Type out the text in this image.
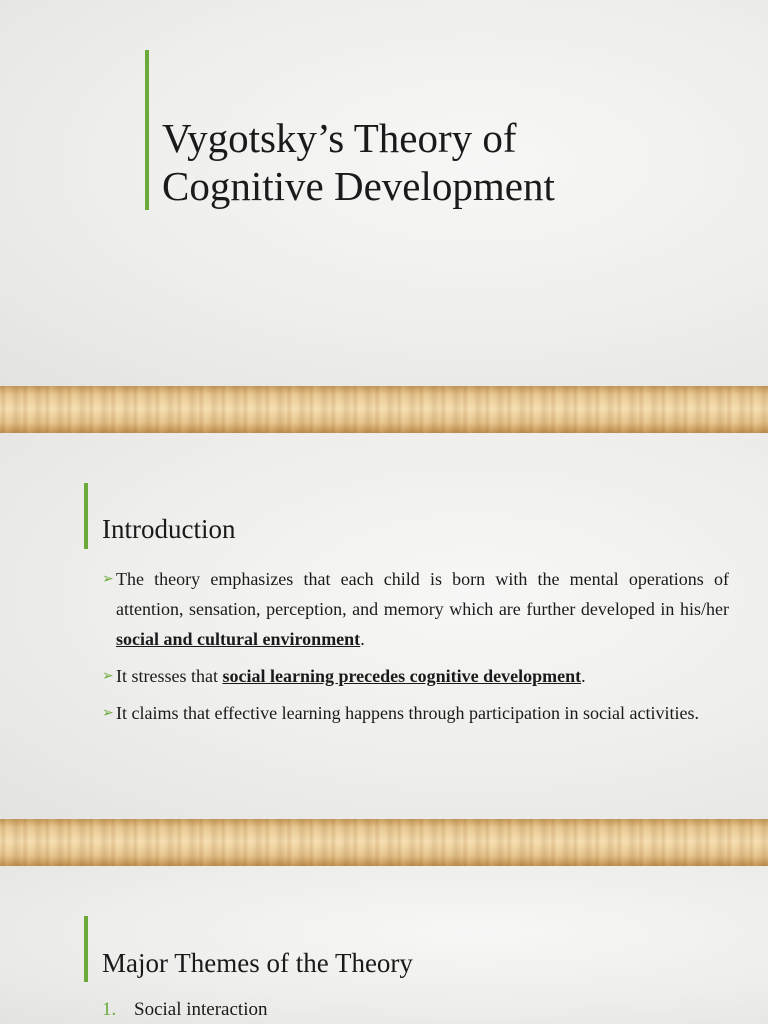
Vygotsky’s Theory of
Cognitive Development
Introduction
➢ The theory emphasizes that each child is born with the mental operations of attention, sensation, perception, and memory which are further developed in his/her social and cultural environment.
➢ It stresses that social learning precedes cognitive development.
➢ It claims that effective learning happens through participation in social activities.
Major Themes of the Theory
1. Social interaction
